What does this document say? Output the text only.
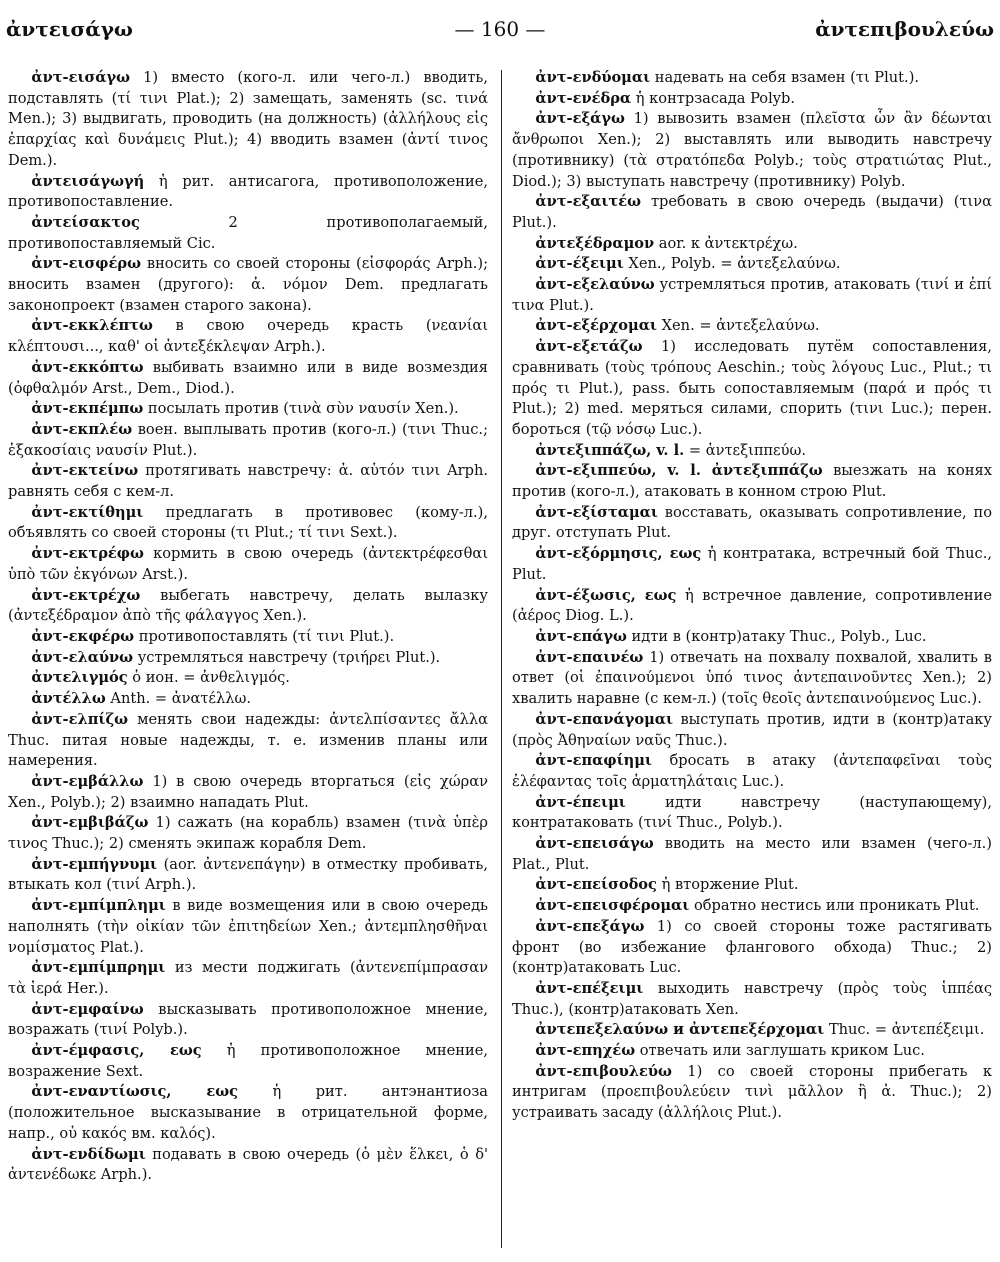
ἀντεισάγω	— 160 —	ἀντεπιβουλεύω

ἀντ-εισάγω 1) вместо (кого-л. или чего-л.) вводить, подставлять (τί τινι Plat.); 2) замещать, заменять (sc. τινά Men.); 3) выдвигать, проводить (на должность) (ἀλλήλους εἰς ἐπαρχίας καὶ δυνάμεις Plut.); 4) вводить взамен (ἀντί τινος Dem.).

ἀντεισάγωγή ἡ рит. антисагога, противоположение, противопоставление.

ἀντείσακτος 2 противополагаемый, противопоставляемый Cic.

ἀντ-εισφέρω вносить со своей стороны (εἰσφοράς Arph.); вносить взамен (другого): ἀ. νόμον Dem. предлагать законопроект (взамен старого закона).

ἀντ-εκκλέπτω в свою очередь красть (νεανίαι κλέπτουσι..., καθ' οἱ ἀντεξέκλεψαν Arph.).

ἀντ-εκκόπτω выбивать взаимно или в виде возмездия (ὀφθαλμόν Arst., Dem., Diod.).

ἀντ-εκπέμπω посылать против (τινὰ σὺν ναυσίν Xen.).

ἀντ-εκπλέω воен. выплывать против (кого-л.) (τινι Thuc.; ἑξακοσίαις ναυσίν Plut.).

ἀντ-εκτείνω протягивать навстречу: ἀ. αὑτόν τινι Arph. равнять себя с кем-л.

ἀντ-εκτίθημι предлагать в противовес (кому-л.), объявлять со своей стороны (τι Plut.; τί τινι Sext.).

ἀντ-εκτρέφω кормить в свою очередь (ἀντεκτρέφεσθαι ὑπὸ τῶν ἐκγόνων Arst.).

ἀντ-εκτρέχω выбегать навстречу, делать вылазку (ἀντεξέδραμον ἀπὸ τῆς φάλαγγος Xen.).

ἀντ-εκφέρω противопоставлять (τί τινι Plut.).

ἀντ-ελαύνω устремляться навстречу (τριήρει Plut.).

ἀντελιγμός ὁ ион. = ἀνθελιγμός.

ἀντέλλω Anth. = ἀνατέλλω.

ἀντ-ελπίζω менять свои надежды: ἀντελπίσαντες ἄλλα Thuc. питая новые надежды, т. е. изменив планы или намерения.

ἀντ-εμβάλλω 1) в свою очередь вторгаться (εἰς χώραν Xen., Polyb.); 2) взаимно нападать Plut.

ἀντ-εμβιβάζω 1) сажать (на корабль) взамен (τινὰ ὑπὲρ τινος Thuc.); 2) сменять экипаж корабля Dem.

ἀντ-εμπήγνυμι (aor. ἀντενεπάγην) в отместку пробивать, втыкать кол (τινί Arph.).

ἀντ-εμπίμπλημι в виде возмещения или в свою очередь наполнять (τὴν οἰκίαν τῶν ἐπιτηδείων Xen.; ἀντεμπλησθῆναι νομίσματος Plat.).

ἀντ-εμπίμπρημι из мести поджигать (ἀντενεπίμπρασαν τὰ ἱερά Her.).

ἀντ-εμφαίνω высказывать противоположное мнение, возражать (τινί Polyb.).

ἀντ-έμφασις, εως ἡ противоположное мнение, возражение Sext.

ἀντ-εναντίωσις, εως ἡ рит. антэнантиоза (положительное высказывание в отрицательной форме, напр., οὐ κακός вм. καλός).

ἀντ-ενδίδωμι подавать в свою очередь (ὁ μὲν ἕλκει, ὁ δ' ἀντενέδωκε Arph.).

ἀντ-ενδύομαι надевать на себя взамен (τι Plut.).

ἀντ-ενέδρα ἡ контрзасада Polyb.

ἀντ-εξάγω 1) вывозить взамен (πλεῖστα ὧν ἂν δέωνται ἄνθρωποι Xen.); 2) выставлять или выводить навстречу (противнику) (τὰ στρατόπεδα Polyb.; τοὺς στρατιώτας Plut., Diod.); 3) выступать навстречу (противнику) Polyb.

ἀντ-εξαιτέω требовать в свою очередь (выдачи) (τινα Plut.).

ἀντεξέδραμον aor. к ἀντεκτρέχω.

ἀντ-έξειμι Xen., Polyb. = ἀντεξελαύνω.

ἀντ-εξελαύνω устремляться против, атаковать (τινί и ἐπί τινα Plut.).

ἀντ-εξέρχομαι Xen. = ἀντεξελαύνω.

ἀντ-εξετάζω 1) исследовать путём сопоставления, сравнивать (τοὺς τρόπους Aeschin.; τοὺς λόγους Luc., Plut.; τι πρός τι Plut.), pass. быть сопоставляемым (παρά и πρός τι Plut.); 2) med. меряться силами, спорить (τινι Luc.); перен. бороться (τῷ νόσῳ Luc.).

ἀντεξιππάζω, v. l. = ἀντεξιππεύω.

ἀντ-εξιππεύω, v. l. ἀντεξιππάζω выезжать на конях против (кого-л.), атаковать в конном строю Plut.

ἀντ-εξίσταμαι восставать, оказывать сопротивление, по друг. отступать Plut.

ἀντ-εξόρμησις, εως ἡ контратака, встречный бой Thuc., Plut.

ἀντ-έξωσις, εως ἡ встречное давление, сопротивление (ἀέρος Diog. L.).

ἀντ-επάγω идти в (контр)атаку Thuc., Polyb., Luc.

ἀντ-επαινέω 1) отвечать на похвалу похвалой, хвалить в ответ (οἱ ἐπαινούμενοι ὑπό τινος ἀντεπαινοῦντες Xen.); 2) хвалить наравне (с кем-л.) (τοῖς θεοῖς ἀντεπαινούμενος Luc.).

ἀντ-επανάγομαι выступать против, идти в (контр)атаку (πρὸς Ἀθηναίων ναῦς Thuc.).

ἀντ-επαφίημι бросать в атаку (ἀντεπαφεῖναι τοὺς ἐλέφαντας τοῖς ἁρματηλάταις Luc.).

ἀντ-έπειμι идти навстречу (наступающему), контратаковать (τινί Thuc., Polyb.).

ἀντ-επεισάγω вводить на место или взамен (чего-л.) Plat., Plut.

ἀντ-επείσοδος ἡ вторжение Plut.

ἀντ-επεισφέρομαι обратно нестись или проникать Plut.

ἀντ-επεξάγω 1) со своей стороны тоже растягивать фронт (во избежание флангового обхода) Thuc.; 2) (контр)атаковать Luc.

ἀντ-επέξειμι выходить навстречу (πρὸς τοὺς ἱππέας Thuc.), (контр)атаковать Xen.

ἀντεπεξελαύνω и ἀντεπεξέρχομαι Thuc. = ἀντεπέξειμι.

ἀντ-επηχέω отвечать или заглушать криком Luc.

ἀντ-επιβουλεύω 1) со своей стороны прибегать к интригам (προεπιβουλεύειν τινὶ μᾶλλον ἢ ἀ. Thuc.); 2) устраивать засаду (ἀλλήλοις Plut.).
